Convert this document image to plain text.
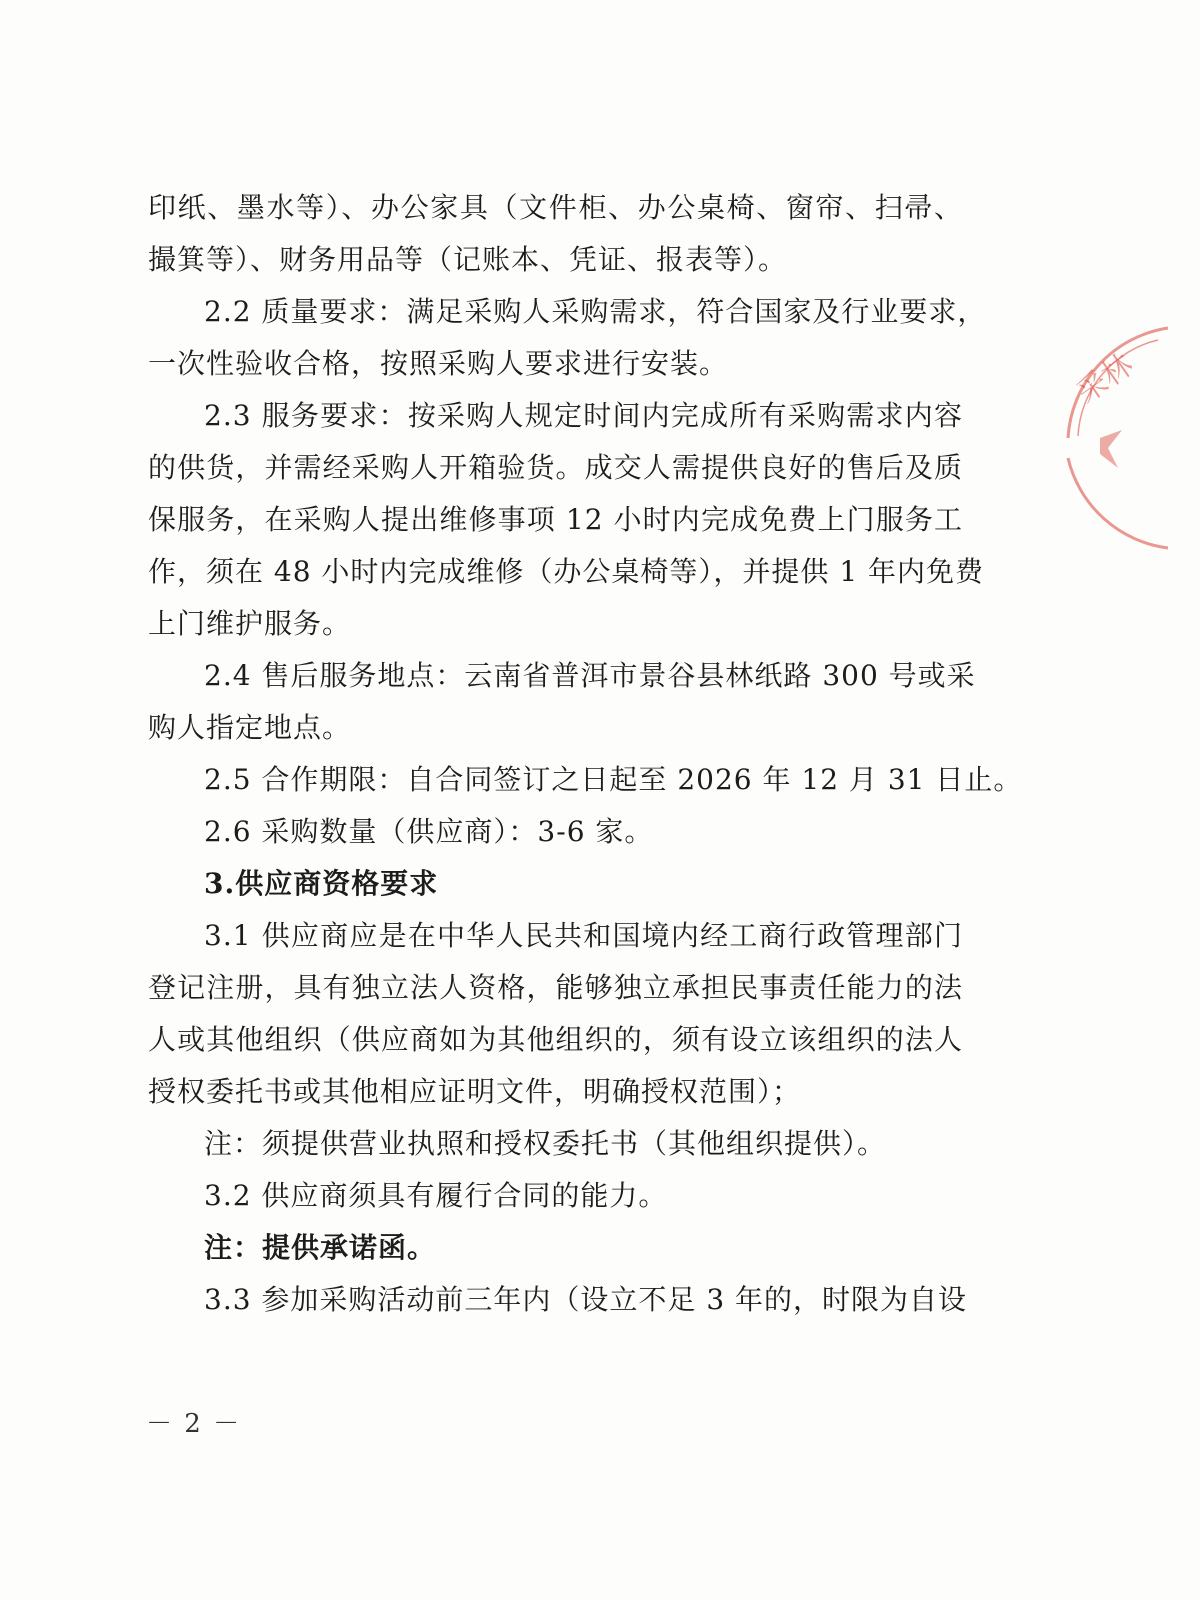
印纸、墨水等）、办公家具（文件柜、办公桌椅、窗帘、扫帚、
撮箕等）、财务用品等（记账本、凭证、报表等）。
2.2 质量要求：满足采购人采购需求，符合国家及行业要求，
一次性验收合格，按照采购人要求进行安装。
2.3 服务要求：按采购人规定时间内完成所有采购需求内容
的供货，并需经采购人开箱验货。成交人需提供良好的售后及质
保服务，在采购人提出维修事项 12 小时内完成免费上门服务工
作，须在 48 小时内完成维修（办公桌椅等），并提供 1 年内免费
上门维护服务。
2.4 售后服务地点：云南省普洱市景谷县林纸路 300 号或采
购人指定地点。
2.5 合作期限：自合同签订之日起至 2026 年 12 月 31 日止。
2.6 采购数量（供应商）：3-6 家。
3.供应商资格要求
3.1 供应商应是在中华人民共和国境内经工商行政管理部门
登记注册，具有独立法人资格，能够独立承担民事责任能力的法
人或其他组织（供应商如为其他组织的，须有设立该组织的法人
授权委托书或其他相应证明文件，明确授权范围）；
注：须提供营业执照和授权委托书（其他组织提供）。
3.2 供应商须具有履行合同的能力。
注：提供承诺函。
3.3 参加采购活动前三年内（设立不足 3 年的，时限为自设
－ 2 －
采林
